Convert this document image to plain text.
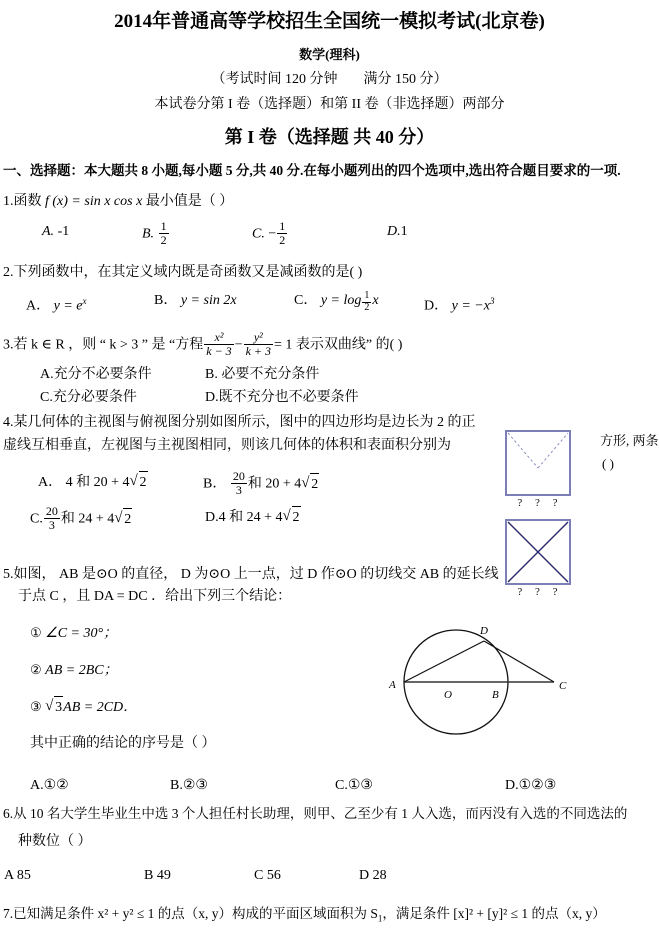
2014年普通高等学校招生全国统一模拟考试(北京卷)
数学(理科)
（考试时间 120 分钟 满分 150 分）
本试卷分第 I 卷（选择题）和第 II 卷（非选择题）两部分
第 I 卷（选择题 共 40 分）
一、选择题：本大题共 8 小题,每小题 5 分,共 40 分.在每小题列出的四个选项中,选出符合题目要求的一项.
1.函数 f (x) = sin x cos x 最小值是（ ）
A. -1	B. $\frac{1}{2}$	C. − $\frac{1}{2}$	D.1
2.下列函数中，在其定义域内既是奇函数又是减函数的是( )
A． $y = e^x$	B． y = sin 2x	C． $y = \log \frac{1}{2}$ x	D． $y = -x^3$
3.若 k ∈ R ，则 “ k > 3 ” 是 “方程 $\frac{\text{x²}}{k - 3} - \frac{\text{y²}}{k + 3} = 1$ 表示双曲线” 的( )
A.充分不必要条件	B. 必要不充分条件
C.充分必要条件	D.既不充分也不必要条件
4.某几何体的主视图与俯视图分别如图所示，图中的四边形均是边长为 2 的正
虚线互相垂直，左视图与主视图相同，则该几何体的体积和表面积分别为	方形, 两条
( )
? ? ?
? ? ?
A． 4 和 20 + 4 √ 2	B． $\frac{20}{3}$ 和 20 + 4 √ 2
C. $\frac{20}{3}$ 和 24 + 4 √ 2	D.4 和 24 + 4 √ 2
5.如图， AB 是⊙O 的直径， D 为⊙O 上一点，过 D 作⊙O 的切线交 AB 的延长线
于点 C ，且 DA = DC ．给出下列三个结论：
① ∠C = 30°；
② AB = 2BC；
③ √ 3AB = 2CD．
其中正确的结论的序号是（ ）
A
O	B
C
D
A.①②	B.②③	C.①③	D.①②③
6.从 10 名大学生毕业生中选 3 个人担任村长助理，则甲、乙至少有 1 人入选，而丙没有入选的不同选法的
种数位（ ）
A 85	B 49	C 56	D 28
7.已知满足条件 x² + y² ≤ 1 的点（x, y）构成的平面区域面积为 $S_1$，满足条件 [x]² + [y]² ≤ 1 的点（x, y）
